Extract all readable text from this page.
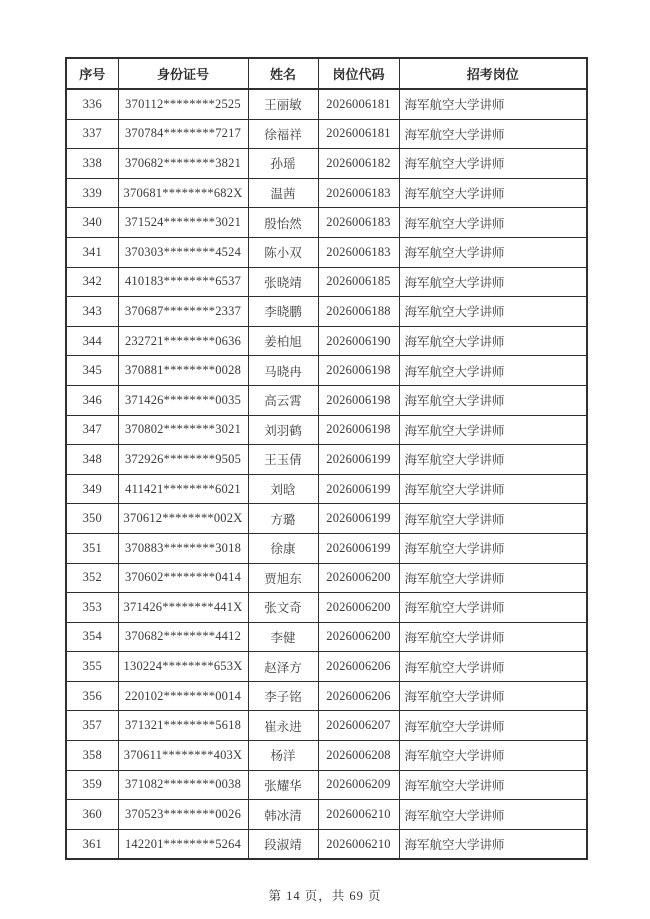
序号	身份证号	姓名	岗位代码	招考岗位
336	370112********2525	王丽敏	2026006181	海军航空大学讲师
337	370784********7217	徐福祥	2026006181	海军航空大学讲师
338	370682********3821	孙瑶	2026006182	海军航空大学讲师
339	370681********682X	温茜	2026006183	海军航空大学讲师
340	371524********3021	殷怡然	2026006183	海军航空大学讲师
341	370303********4524	陈小双	2026006183	海军航空大学讲师
342	410183********6537	张晓靖	2026006185	海军航空大学讲师
343	370687********2337	李晓鹏	2026006188	海军航空大学讲师
344	232721********0636	姜柏旭	2026006190	海军航空大学讲师
345	370881********0028	马晓冉	2026006198	海军航空大学讲师
346	371426********0035	高云霄	2026006198	海军航空大学讲师
347	370802********3021	刘羽鹤	2026006198	海军航空大学讲师
348	372926********9505	王玉倩	2026006199	海军航空大学讲师
349	411421********6021	刘晗	2026006199	海军航空大学讲师
350	370612********002X	方璐	2026006199	海军航空大学讲师
351	370883********3018	徐康	2026006199	海军航空大学讲师
352	370602********0414	贾旭东	2026006200	海军航空大学讲师
353	371426********441X	张文奇	2026006200	海军航空大学讲师
354	370682********4412	李健	2026006200	海军航空大学讲师
355	130224********653X	赵泽方	2026006206	海军航空大学讲师
356	220102********0014	李子铭	2026006206	海军航空大学讲师
357	371321********5618	崔永进	2026006207	海军航空大学讲师
358	370611********403X	杨洋	2026006208	海军航空大学讲师
359	371082********0038	张耀华	2026006209	海军航空大学讲师
360	370523********0026	韩冰清	2026006210	海军航空大学讲师
361	142201********5264	段淑靖	2026006210	海军航空大学讲师
第 14 页，共 69 页
